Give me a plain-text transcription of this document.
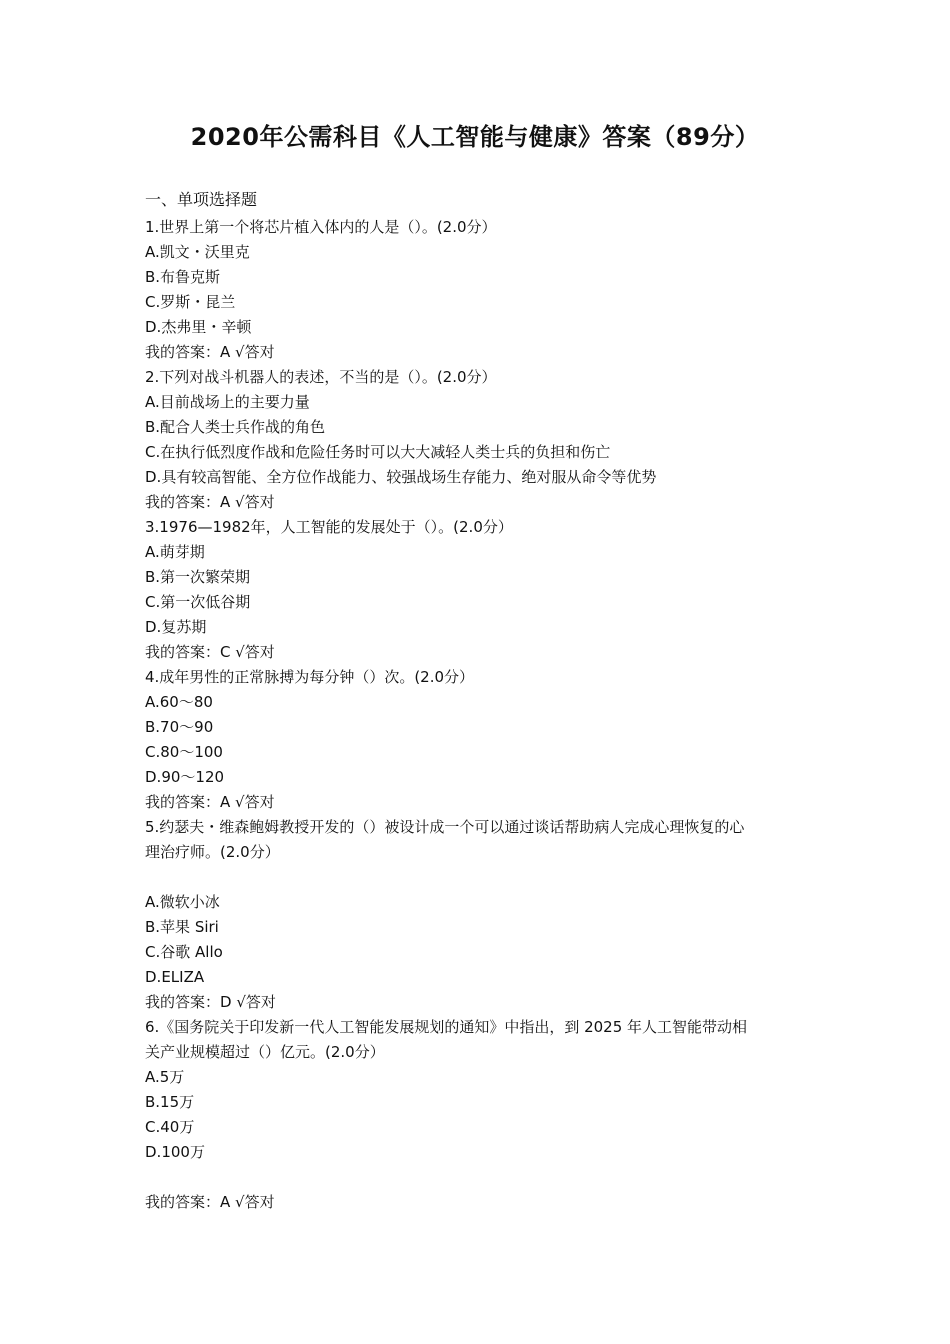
2020年公需科目《人工智能与健康》答案（89分）
一、单项选择题
1.世界上第一个将芯片植入体内的人是（）。(2.0分）
A.凯文・沃里克
B.布鲁克斯
C.罗斯・昆兰
D.杰弗里・辛顿
我的答案：A √答对
2.下列对战斗机器人的表述，不当的是（）。(2.0分）
A.目前战场上的主要力量
B.配合人类士兵作战的角色
C.在执行低烈度作战和危险任务时可以大大减轻人类士兵的负担和伤亡
D.具有较高智能、全方位作战能力、较强战场生存能力、绝对服从命令等优势
我的答案：A √答对
3.1976—1982年，人工智能的发展处于（）。(2.0分）
A.萌芽期
B.第一次繁荣期
C.第一次低谷期
D.复苏期
我的答案：C √答对
4.成年男性的正常脉搏为每分钟（）次。(2.0分）
A.60～80
B.70～90
C.80～100
D.90～120
我的答案：A √答对
5.约瑟夫・维森鲍姆教授开发的（）被设计成一个可以通过谈话帮助病人完成心理恢复的心
理治疗师。(2.0分）
A.微软小冰
B.苹果 Siri
C.谷歌 Allo
D.ELIZA
我的答案：D √答对
6.《国务院关于印发新一代人工智能发展规划的通知》中指出，到 2025 年人工智能带动相
关产业规模超过（）亿元。(2.0分）
A.5万
B.15万
C.40万
D.100万
我的答案：A √答对
